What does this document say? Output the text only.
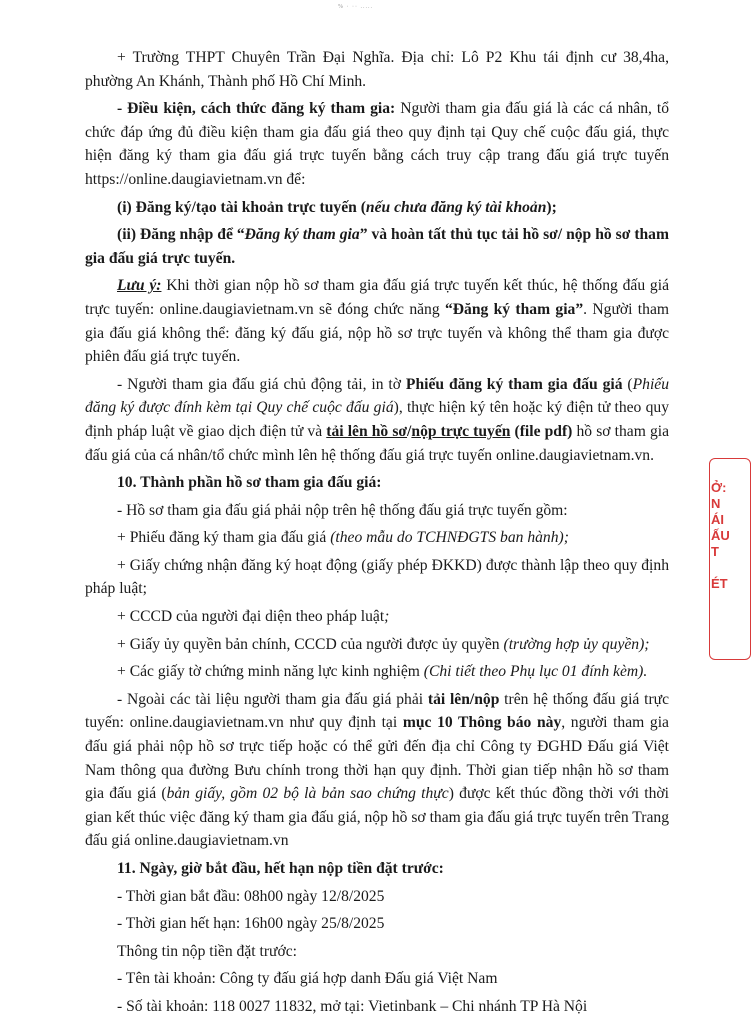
% · ·· .....

+ Trường THPT Chuyên Trần Đại Nghĩa. Địa chỉ: Lô P2 Khu tái định cư 38,4ha, phường An Khánh, Thành phố Hồ Chí Minh.

- Điều kiện, cách thức đăng ký tham gia: Người tham gia đấu giá là các cá nhân, tổ chức đáp ứng đủ điều kiện tham gia đấu giá theo quy định tại Quy chế cuộc đấu giá, thực hiện đăng ký tham gia đấu giá trực tuyến bằng cách truy cập trang đấu giá trực tuyến https://online.daugiavietnam.vn để:

(i) Đăng ký/tạo tài khoản trực tuyến (nếu chưa đăng ký tài khoản);

(ii) Đăng nhập để “Đăng ký tham gia” và hoàn tất thủ tục tải hồ sơ/ nộp hồ sơ tham gia đấu giá trực tuyến.

Lưu ý: Khi thời gian nộp hồ sơ tham gia đấu giá trực tuyến kết thúc, hệ thống đấu giá trực tuyến: online.daugiavietnam.vn sẽ đóng chức năng “Đăng ký tham gia”. Người tham gia đấu giá không thể: đăng ký đấu giá, nộp hồ sơ trực tuyến và không thể tham gia được phiên đấu giá trực tuyến.

- Người tham gia đấu giá chủ động tải, in tờ Phiếu đăng ký tham gia đấu giá (Phiếu đăng ký được đính kèm tại Quy chế cuộc đấu giá), thực hiện ký tên hoặc ký điện tử theo quy định pháp luật về giao dịch điện tử và tải lên hồ sơ/nộp trực tuyến (file pdf) hồ sơ tham gia đấu giá của cá nhân/tổ chức mình lên hệ thống đấu giá trực tuyến online.daugiavietnam.vn.

10. Thành phần hồ sơ tham gia đấu giá:

- Hồ sơ tham gia đấu giá phải nộp trên hệ thống đấu giá trực tuyến gồm:

+ Phiếu đăng ký tham gia đấu giá (theo mẫu do TCHNĐGTS ban hành);

+ Giấy chứng nhận đăng ký hoạt động (giấy phép ĐKKD) được thành lập theo quy định pháp luật;

+ CCCD của người đại diện theo pháp luật;

+ Giấy ủy quyền bản chính, CCCD của người được ủy quyền (trường hợp ủy quyền);

+ Các giấy tờ chứng minh năng lực kinh nghiệm (Chi tiết theo Phụ lục 01 đính kèm).

- Ngoài các tài liệu người tham gia đấu giá phải tải lên/nộp trên hệ thống đấu giá trực tuyến: online.daugiavietnam.vn như quy định tại mục 10 Thông báo này, người tham gia đấu giá phải nộp hồ sơ trực tiếp hoặc có thể gửi đến địa chỉ Công ty ĐGHD Đấu giá Việt Nam thông qua đường Bưu chính trong thời hạn quy định. Thời gian tiếp nhận hồ sơ tham gia đấu giá (bản giấy, gồm 02 bộ là bản sao chứng thực) được kết thúc đồng thời với thời gian kết thúc việc đăng ký tham gia đấu giá, nộp hồ sơ tham gia đấu giá trực tuyến trên Trang đấu giá online.daugiavietnam.vn

11. Ngày, giờ bắt đầu, hết hạn nộp tiền đặt trước:

- Thời gian bắt đầu: 08h00 ngày 12/8/2025

- Thời gian hết hạn: 16h00 ngày 25/8/2025

Thông tin nộp tiền đặt trước:

- Tên tài khoản: Công ty đấu giá hợp danh Đấu giá Việt Nam

- Số tài khoản: 118 0027 11832, mở tại: Vietinbank – Chi nhánh TP Hà Nội

Ở:
N
ÁI
ẤU
T

ÉT
